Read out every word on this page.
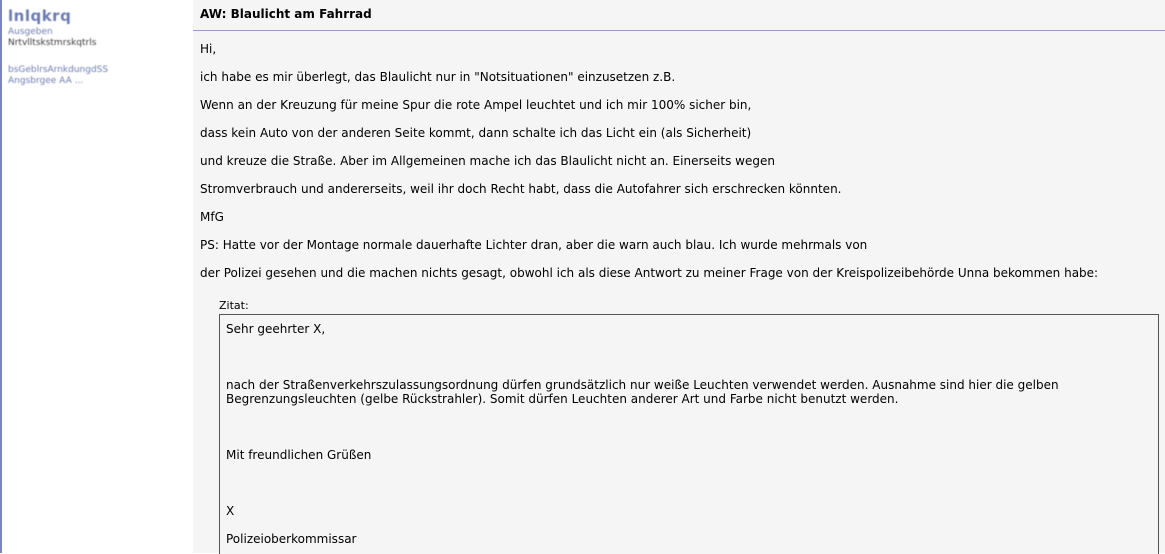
lnlqkrq
Ausgeben
Nrtvlltskstmrskqtrls
bsGeblrsArnkdungdSS
Angsbrgee AA ...
AW: Blaulicht am Fahrrad
Hi,
ich habe es mir überlegt, das Blaulicht nur in "Notsituationen" einzusetzen z.B.
Wenn an der Kreuzung für meine Spur die rote Ampel leuchtet und ich mir 100% sicher bin,
dass kein Auto von der anderen Seite kommt, dann schalte ich das Licht ein (als Sicherheit)
und kreuze die Straße. Aber im Allgemeinen mache ich das Blaulicht nicht an. Einerseits wegen
Stromverbrauch und andererseits, weil ihr doch Recht habt, dass die Autofahrer sich erschrecken könnten.
MfG
PS: Hatte vor der Montage normale dauerhafte Lichter dran, aber die warn auch blau. Ich wurde mehrmals von
der Polizei gesehen und die machen nichts gesagt, obwohl ich als diese Antwort zu meiner Frage von der Kreispolizeibehörde Unna bekommen habe:
Zitat:
Sehr geehrter X,
nach der Straßenverkehrszulassungsordnung dürfen grundsätzlich nur weiße Leuchten verwendet werden. Ausnahme sind hier die gelben
Begrenzungsleuchten (gelbe Rückstrahler). Somit dürfen Leuchten anderer Art und Farbe nicht benutzt werden.
Mit freundlichen Grüßen
X
Polizeioberkommissar
